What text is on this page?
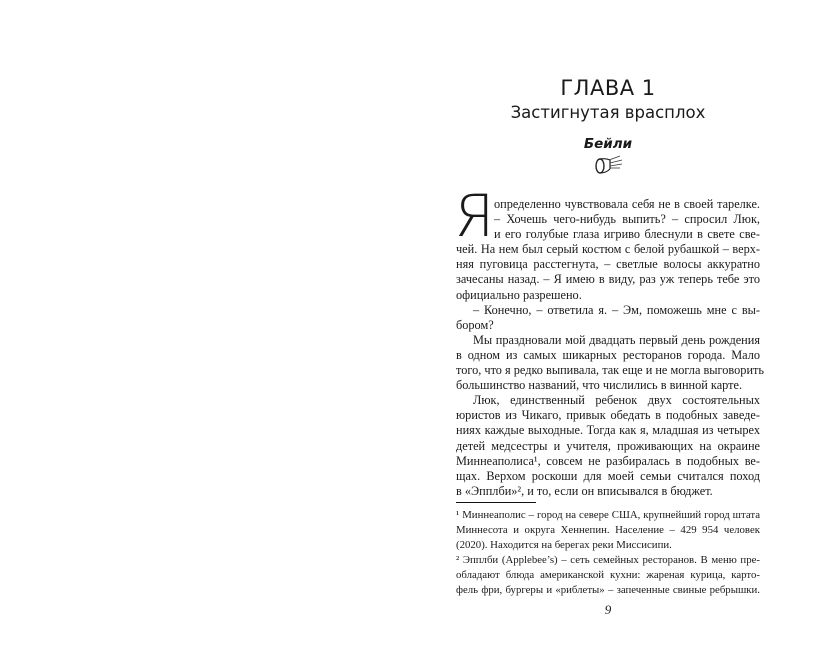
ГЛАВА 1
Застигнутая врасплох
Бейли
Я определенно чувствовала себя не в своей тарелке.
– Хочешь чего-нибудь выпить? – спросил Люк,
и его голубые глаза игриво блеснули в свете све-
чей. На нем был серый костюм с белой рубашкой – верх-
няя пуговица расстегнута, – светлые волосы аккуратно
зачесаны назад. – Я имею в виду, раз уж теперь тебе это
официально разрешено.
– Конечно, – ответила я. – Эм, поможешь мне с вы-
бором?
Мы праздновали мой двадцать первый день рождения
в одном из самых шикарных ресторанов города. Мало
того, что я редко выпивала, так еще и не могла выговорить
большинство названий, что числились в винной карте.
Люк, единственный ребенок двух состоятельных
юристов из Чикаго, привык обедать в подобных заведе-
ниях каждые выходные. Тогда как я, младшая из четырех
детей медсестры и учителя, проживающих на окраине
Миннеаполиса¹, совсем не разбиралась в подобных ве-
щах. Верхом роскоши для моей семьи считался поход
в «Эпплби»², и то, если он вписывался в бюджет.
¹ Миннеаполис – город на севере США, крупнейший город штата
Миннесота и округа Хеннепин. Население – 429 954 человек
(2020). Находится на берегах реки Миссисипи.
² Эпплби (Applebee’s) – сеть семейных ресторанов. В меню пре-
обладают блюда американской кухни: жареная курица, карто-
фель фри, бургеры и «риблеты» – запеченные свиные ребрышки.
9
